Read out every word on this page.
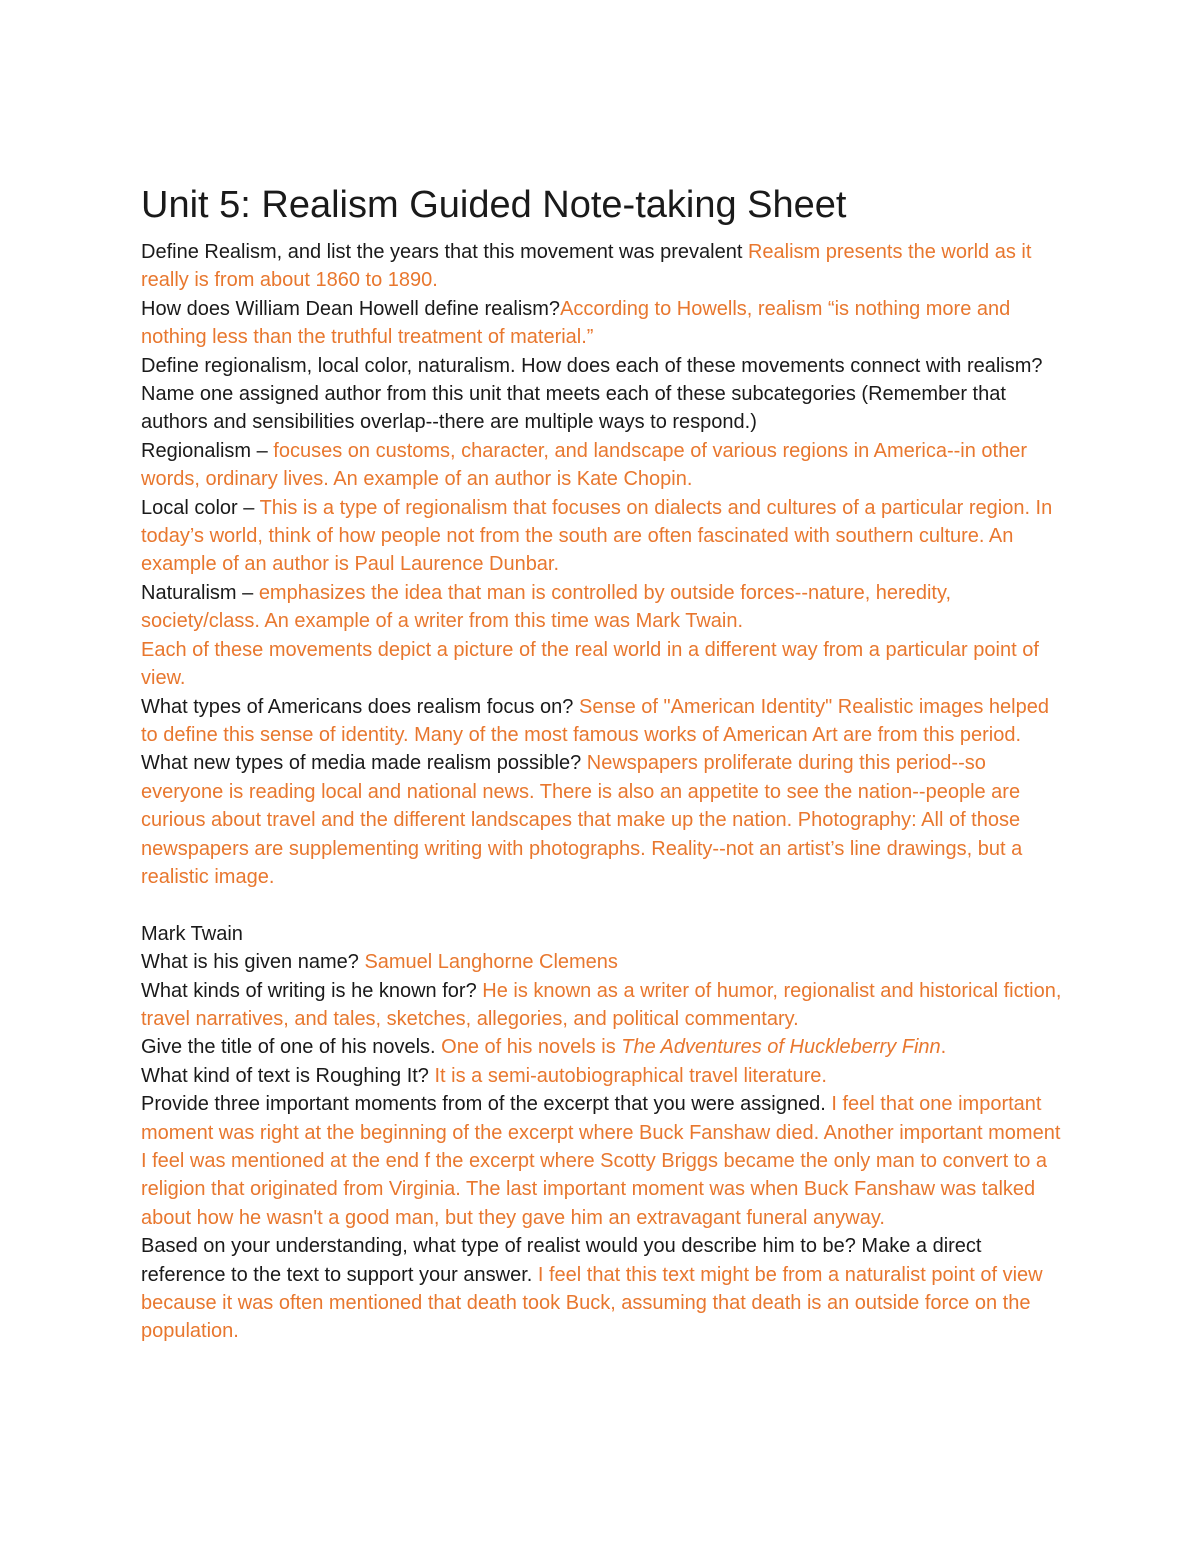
Unit 5: Realism Guided Note-taking Sheet

Define Realism, and list the years that this movement was prevalent Realism presents the world as it really is from about 1860 to 1890.

How does William Dean Howell define realism?According to Howells, realism “is nothing more and nothing less than the truthful treatment of material.”

Define regionalism, local color, naturalism. How does each of these movements connect with realism? Name one assigned author from this unit that meets each of these subcategories (Remember that authors and sensibilities overlap--there are multiple ways to respond.)

Regionalism – focuses on customs, character, and landscape of various regions in America--in other words, ordinary lives. An example of an author is Kate Chopin.

Local color – This is a type of regionalism that focuses on dialects and cultures of a particular region. In today’s world, think of how people not from the south are often fascinated with southern culture. An example of an author is Paul Laurence Dunbar.

Naturalism – emphasizes the idea that man is controlled by outside forces--nature, heredity, society/class. An example of a writer from this time was Mark Twain.

Each of these movements depict a picture of the real world in a different way from a particular point of view.

What types of Americans does realism focus on? Sense of "American Identity" Realistic images helped to define this sense of identity. Many of the most famous works of American Art are from this period.

What new types of media made realism possible? Newspapers proliferate during this period--so everyone is reading local and national news. There is also an appetite to see the nation--people are curious about travel and the different landscapes that make up the nation. Photography: All of those newspapers are supplementing writing with photographs. Reality--not an artist’s line drawings, but a realistic image.

Mark Twain

What is his given name? Samuel Langhorne Clemens

What kinds of writing is he known for? He is known as a writer of humor, regionalist and historical fiction, travel narratives, and tales, sketches, allegories, and political commentary.

Give the title of one of his novels. One of his novels is The Adventures of Huckleberry Finn.

What kind of text is Roughing It? It is a semi-autobiographical travel literature.

Provide three important moments from of the excerpt that you were assigned. I feel that one important moment was right at the beginning of the excerpt where Buck Fanshaw died. Another important moment I feel was mentioned at the end f the excerpt where Scotty Briggs became the only man to convert to a religion that originated from Virginia. The last important moment was when Buck Fanshaw was talked about how he wasn't a good man, but they gave him an extravagant funeral anyway.

Based on your understanding, what type of realist would you describe him to be? Make a direct reference to the text to support your answer. I feel that this text might be from a naturalist point of view because it was often mentioned that death took Buck, assuming that death is an outside force on the population.
